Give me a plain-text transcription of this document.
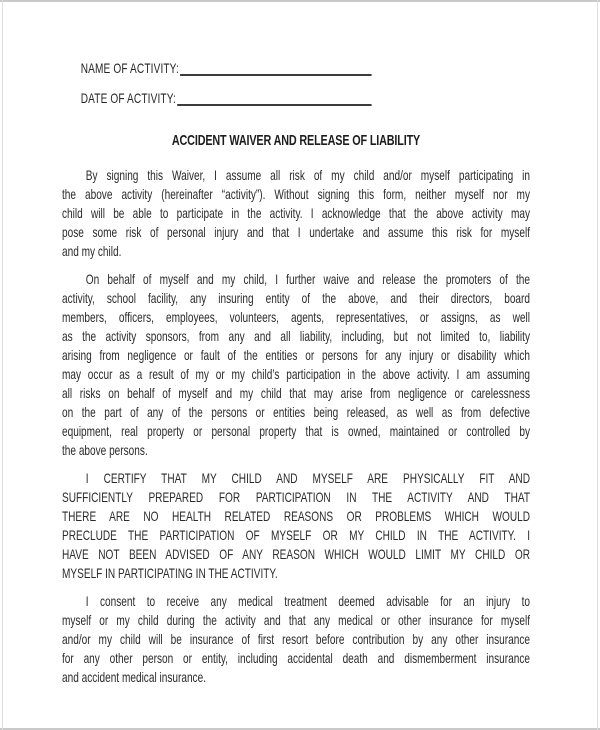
NAME OF ACTIVITY:
DATE OF ACTIVITY:
ACCIDENT WAIVER AND RELEASE OF LIABILITY
By signing this Waiver, I assume all risk of my child and/or myself participating in
the above activity (hereinafter “activity”). Without signing this form, neither myself nor my
child will be able to participate in the activity. I acknowledge that the above activity may
pose some risk of personal injury and that I undertake and assume this risk for myself
and my child.
On behalf of myself and my child, I further waive and release the promoters of the
activity, school facility, any insuring entity of the above, and their directors, board
members, officers, employees, volunteers, agents, representatives, or assigns, as well
as the activity sponsors, from any and all liability, including, but not limited to, liability
arising from negligence or fault of the entities or persons for any injury or disability which
may occur as a result of my or my child’s participation in the above activity. I am assuming
all risks on behalf of myself and my child that may arise from negligence or carelessness
on the part of any of the persons or entities being released, as well as from defective
equipment, real property or personal property that is owned, maintained or controlled by
the above persons.
I CERTIFY THAT MY CHILD AND MYSELF ARE PHYSICALLY FIT AND
SUFFICIENTLY PREPARED FOR PARTICIPATION IN THE ACTIVITY AND THAT
THERE ARE NO HEALTH RELATED REASONS OR PROBLEMS WHICH WOULD
PRECLUDE THE PARTICIPATION OF MYSELF OR MY CHILD IN THE ACTIVITY. I
HAVE NOT BEEN ADVISED OF ANY REASON WHICH WOULD LIMIT MY CHILD OR
MYSELF IN PARTICIPATING IN THE ACTIVITY.
I consent to receive any medical treatment deemed advisable for an injury to
myself or my child during the activity and that any medical or other insurance for myself
and/or my child will be insurance of first resort before contribution by any other insurance
for any other person or entity, including accidental death and dismemberment insurance
and accident medical insurance.
